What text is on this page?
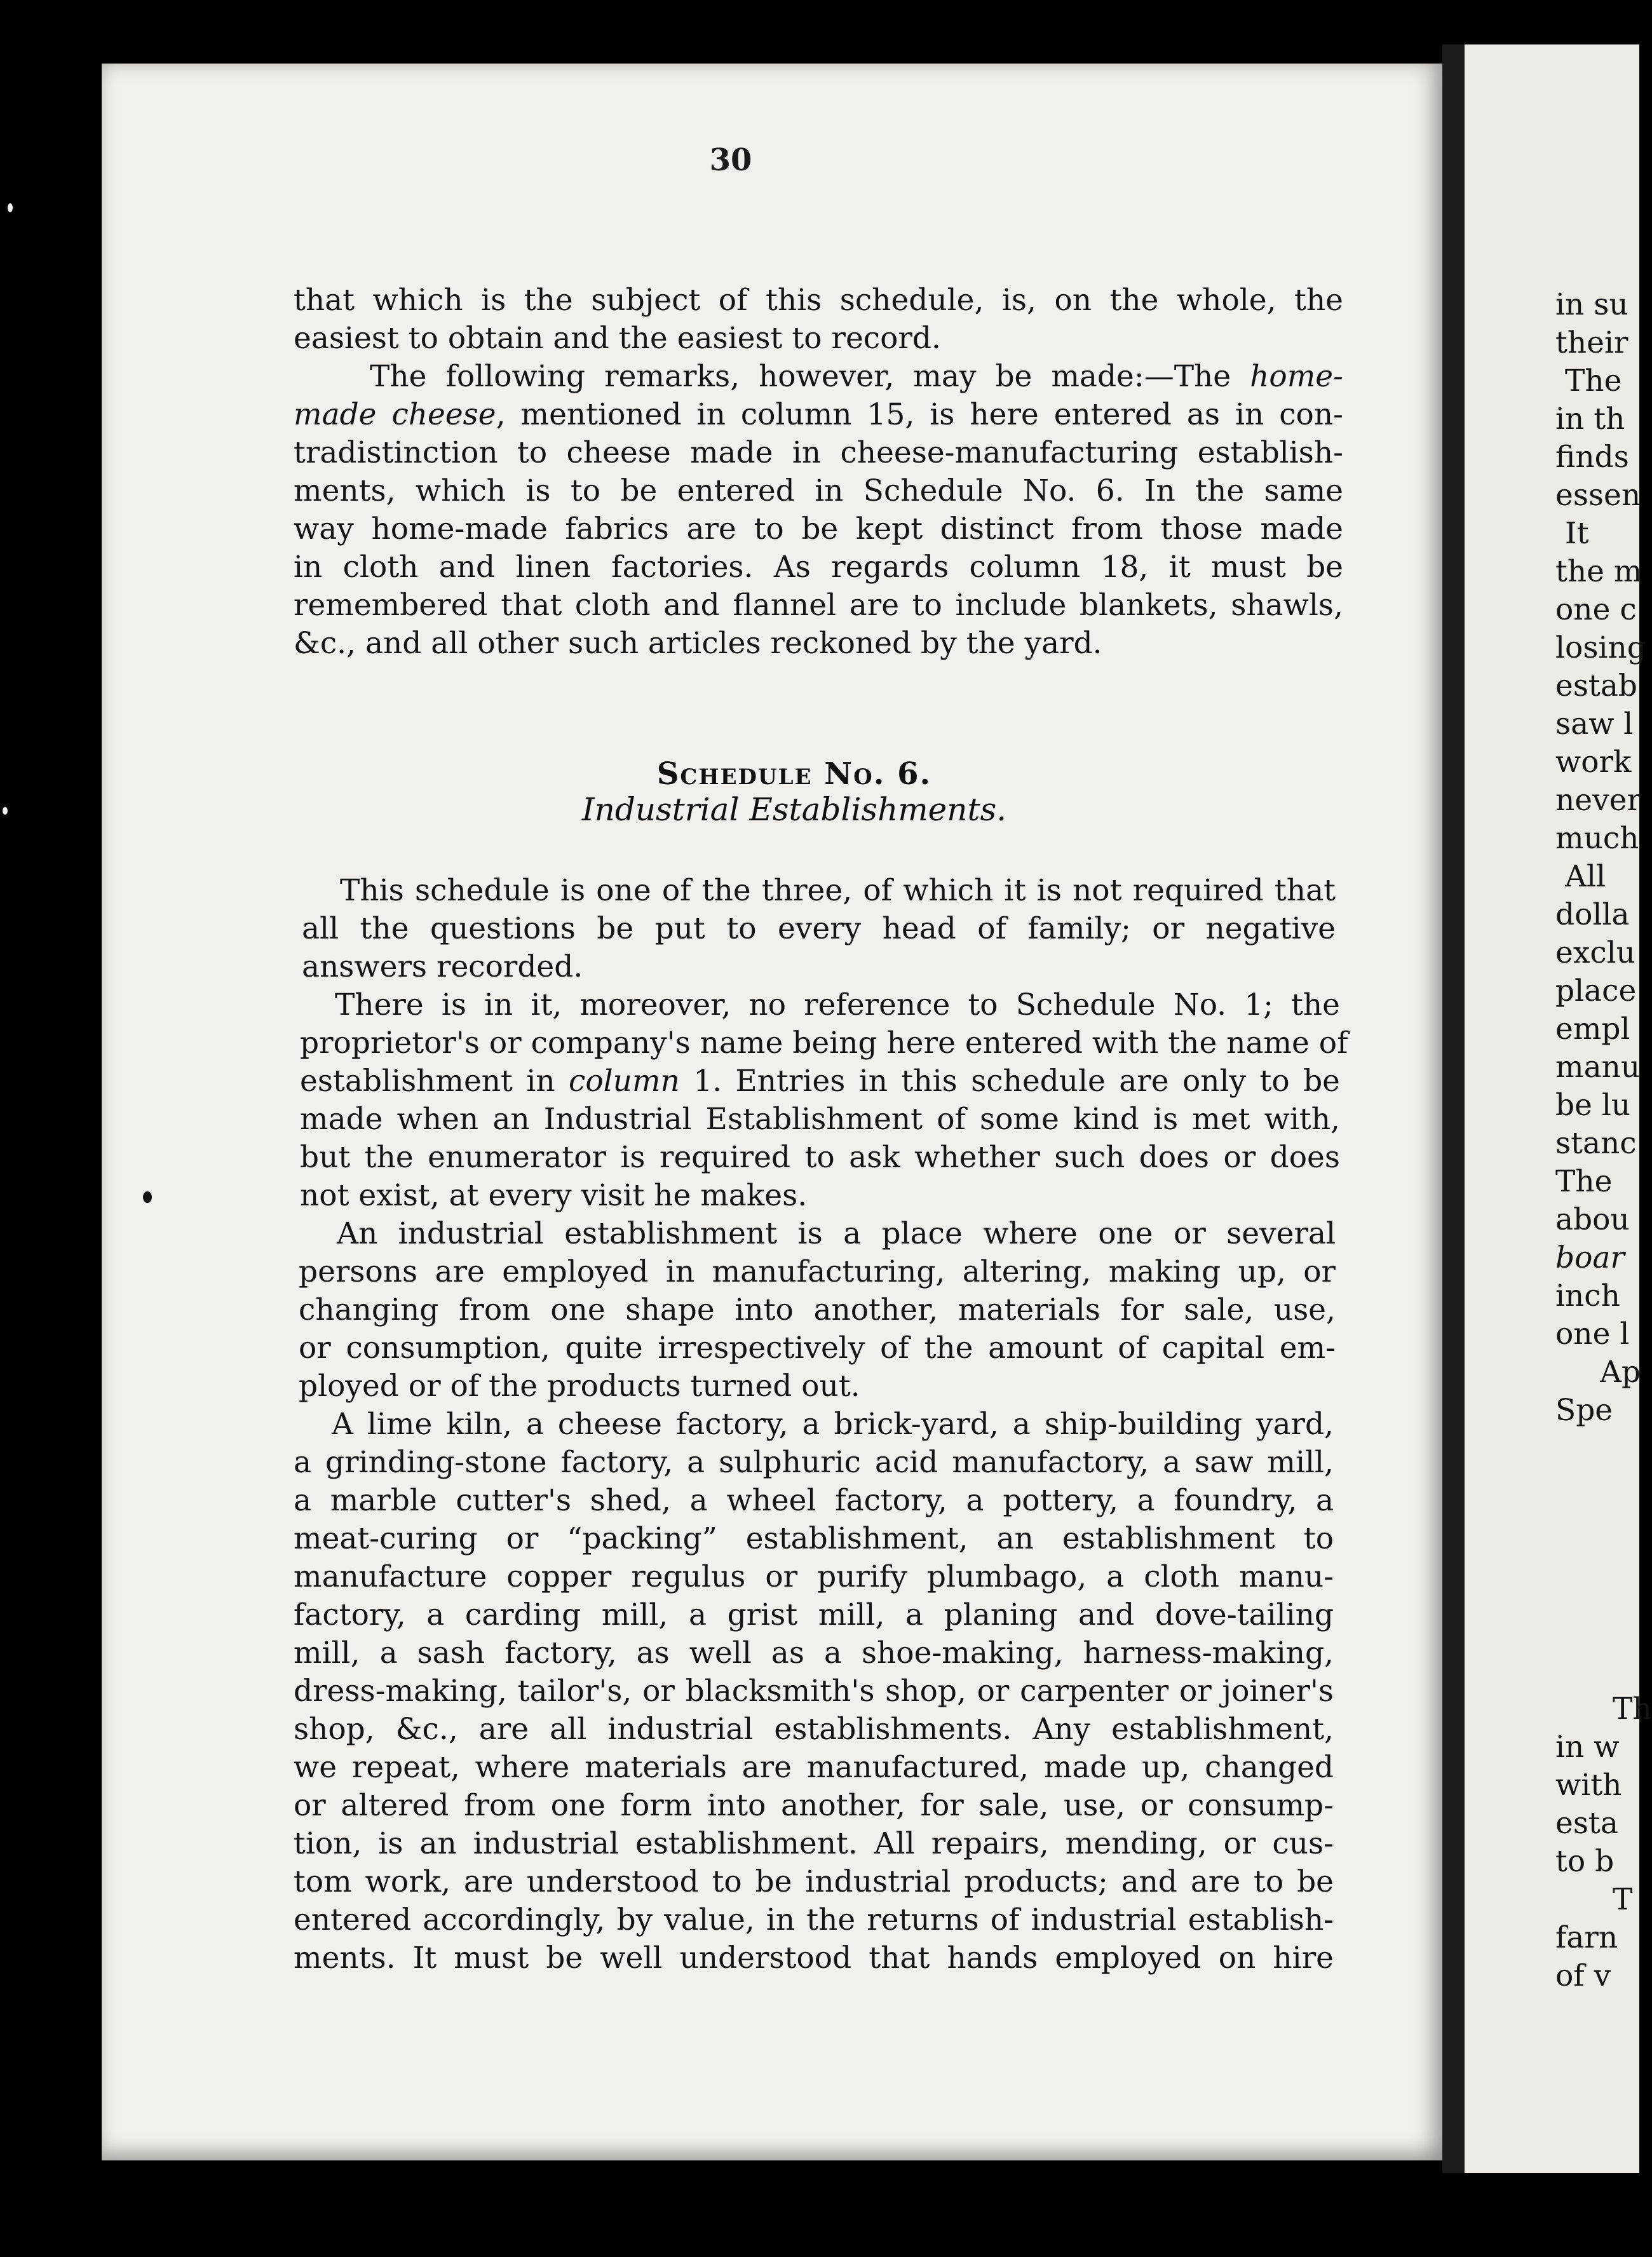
30
that which is the subject of this schedule, is, on the whole, the
easiest to obtain and the easiest to record.
The following remarks, however, may be made:—The home-
made cheese, mentioned in column 15, is here entered as in con-
tradistinction to cheese made in cheese-manufacturing establish-
ments, which is to be entered in Schedule No. 6. In the same
way home-made fabrics are to be kept distinct from those made
in cloth and linen factories. As regards column 18, it must be
remembered that cloth and flannel are to include blankets, shawls,
&c., and all other such articles reckoned by the yard.
Schedule No. 6.
Industrial Establishments.
This schedule is one of the three, of which it is not required that
all the questions be put to every head of family; or negative
answers recorded.
There is in it, moreover, no reference to Schedule No. 1; the
proprietor's or company's name being here entered with the name of
establishment in column 1. Entries in this schedule are only to be
made when an Industrial Establishment of some kind is met with,
but the enumerator is required to ask whether such does or does
not exist, at every visit he makes.
An industrial establishment is a place where one or several
persons are employed in manufacturing, altering, making up, or
changing from one shape into another, materials for sale, use,
or consumption, quite irrespectively of the amount of capital em-
ployed or of the products turned out.
A lime kiln, a cheese factory, a brick-yard, a ship-building yard,
a grinding-stone factory, a sulphuric acid manufactory, a saw mill,
a marble cutter's shed, a wheel factory, a pottery, a foundry, a
meat-curing or “packing” establishment, an establishment to
manufacture copper regulus or purify plumbago, a cloth manu-
factory, a carding mill, a grist mill, a planing and dove-tailing
mill, a sash factory, as well as a shoe-making, harness-making,
dress-making, tailor's, or blacksmith's shop, or carpenter or joiner's
shop, &c., are all industrial establishments. Any establishment,
we repeat, where materials are manufactured, made up, changed
or altered from one form into another, for sale, use, or consump-
tion, is an industrial establishment. All repairs, mending, or cus-
tom work, are understood to be industrial products; and are to be
entered accordingly, by value, in the returns of industrial establish-
ments. It must be well understood that hands employed on hire
in su
their
The
in th
finds
essen
It
the m
one c
losing
estab
saw l
work
never
much
All
dolla
exclu
place
empl
manu
be lu
stanc
The
abou
boar
inch
one l
Ap
Spe
Th
in w
with
esta
to b
T
farn
of v
